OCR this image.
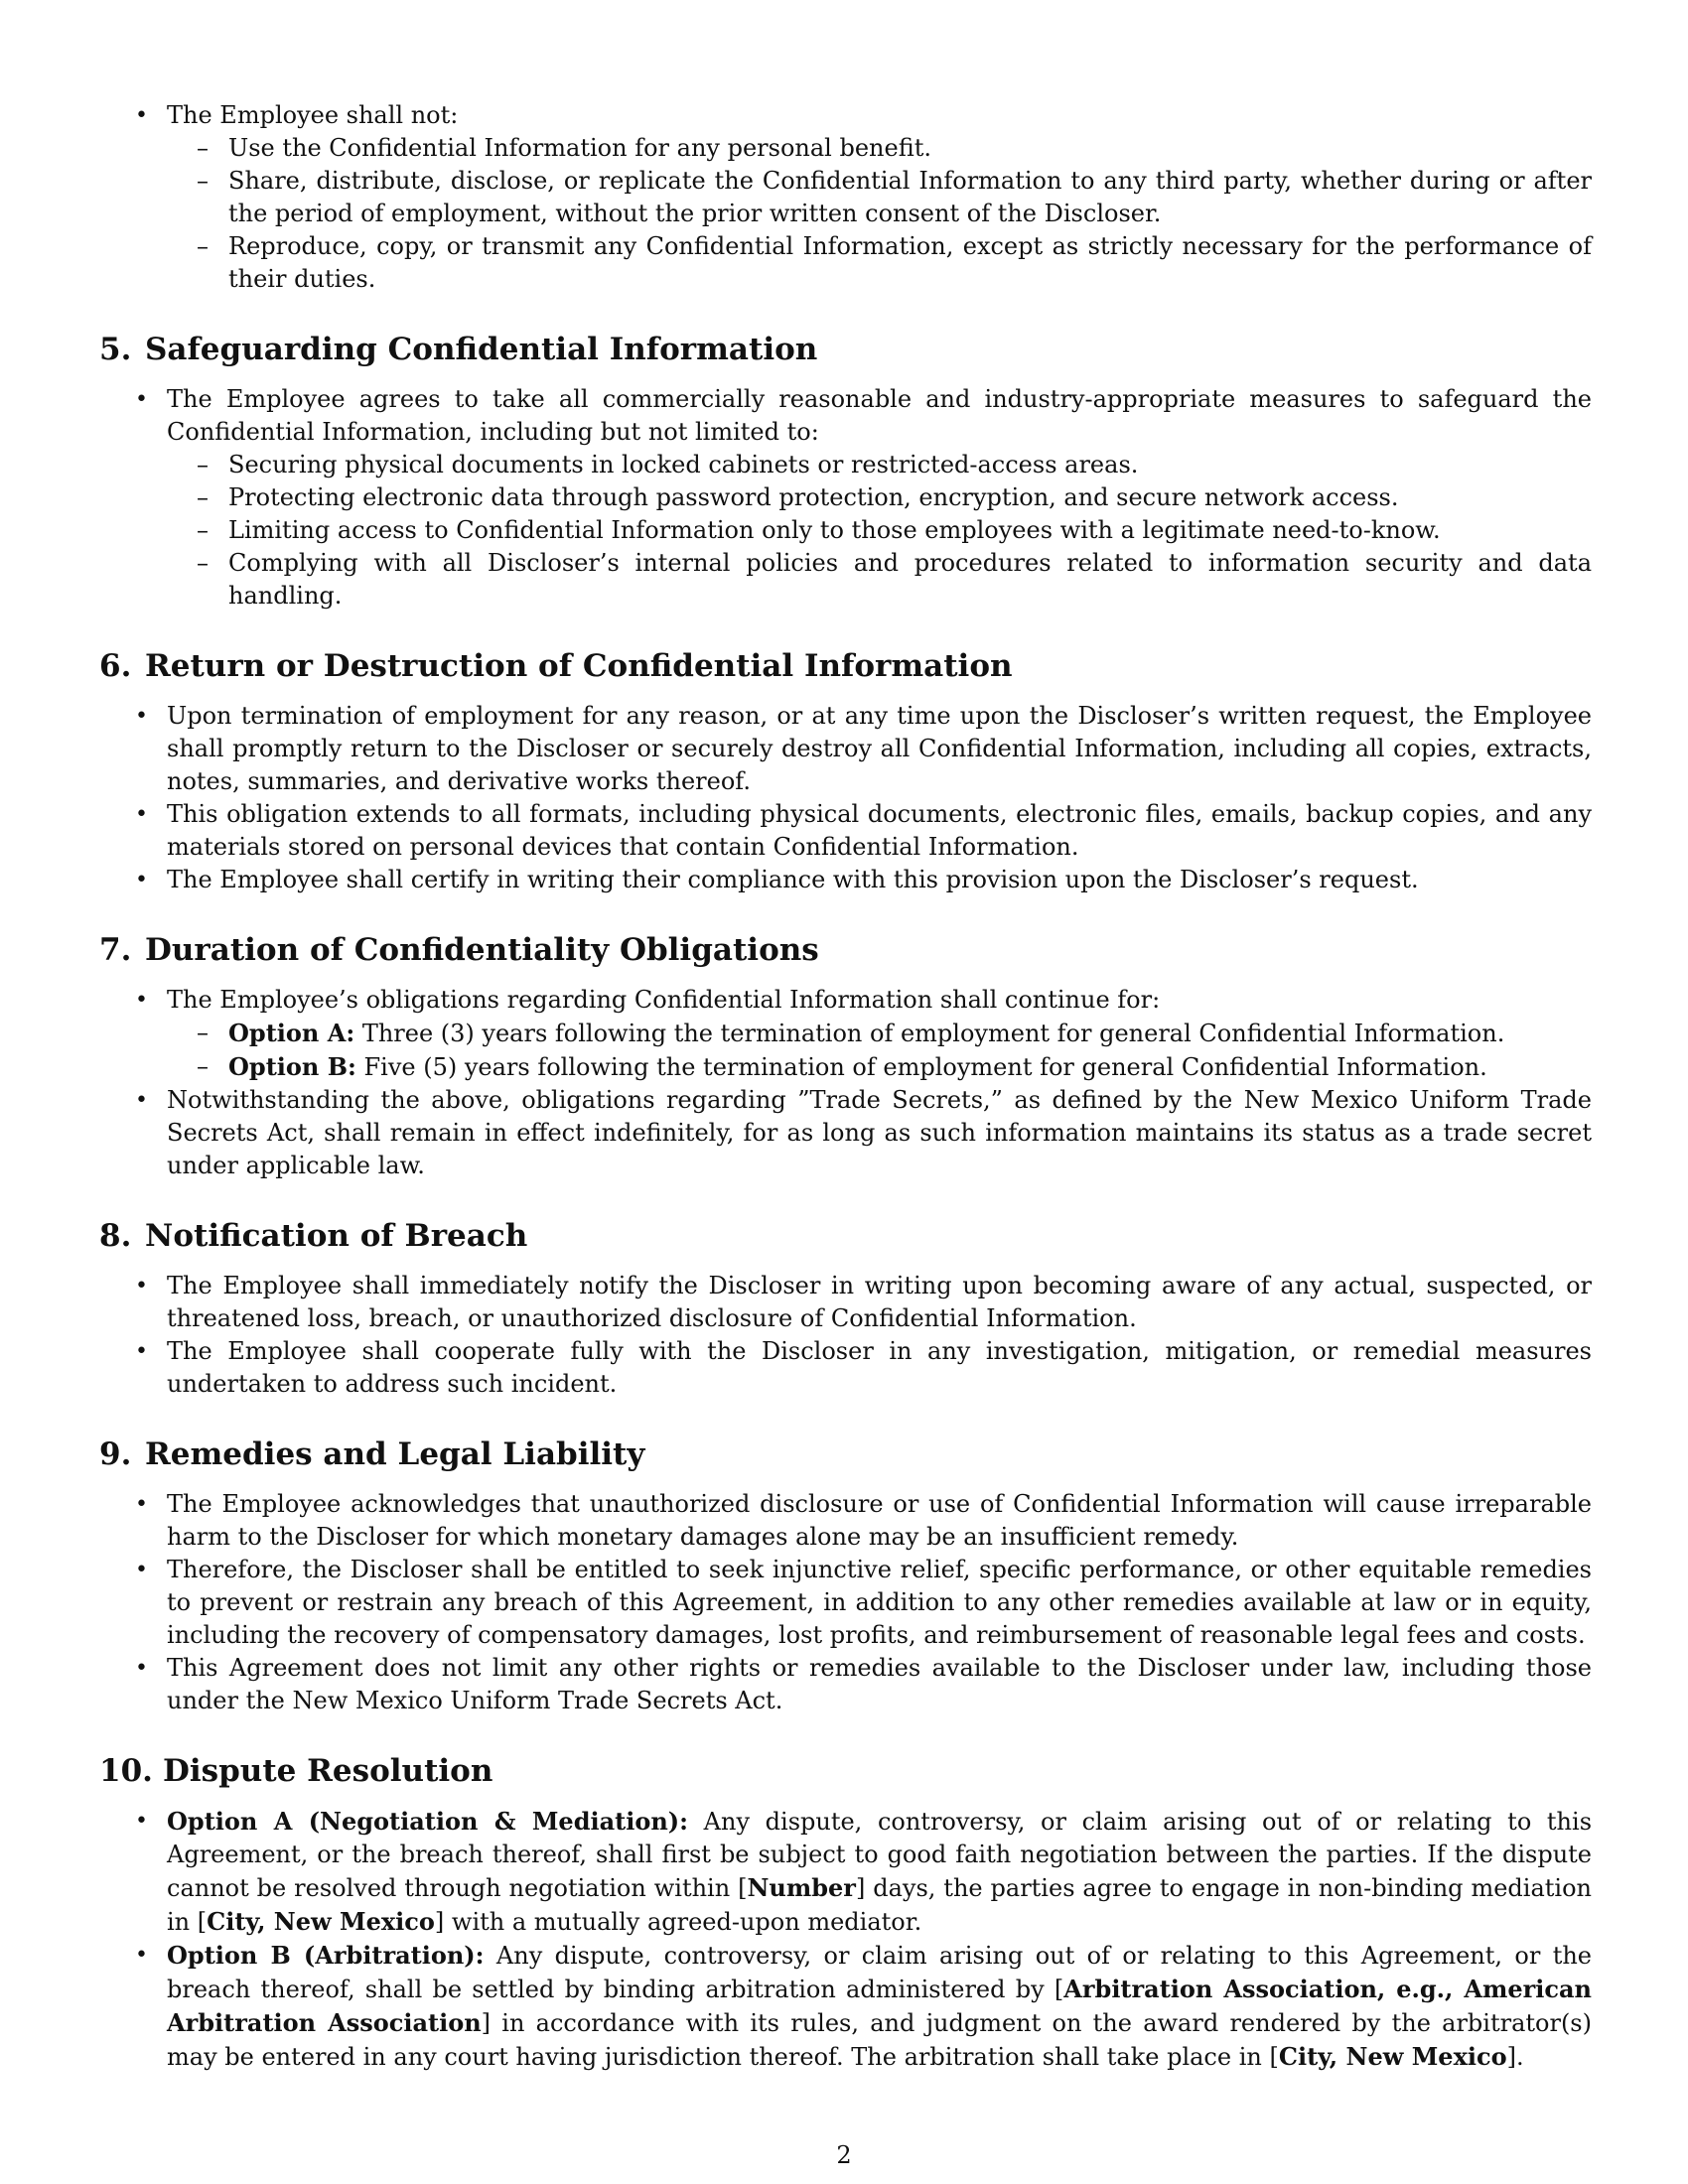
• The Employee shall not:
– Use the Confidential Information for any personal benefit.
– Share, distribute, disclose, or replicate the Confidential Information to any third party, whether during or after the period of employment, without the prior written consent of the Discloser.
– Reproduce, copy, or transmit any Confidential Information, except as strictly necessary for the performance of their duties.
5. Safeguarding Confidential Information
• The Employee agrees to take all commercially reasonable and industry-appropriate measures to safeguard the Confidential Information, including but not limited to:
– Securing physical documents in locked cabinets or restricted-access areas.
– Protecting electronic data through password protection, encryption, and secure network access.
– Limiting access to Confidential Information only to those employees with a legitimate need-to-know.
– Complying with all Discloser’s internal policies and procedures related to information security and data handling.
6. Return or Destruction of Confidential Information
• Upon termination of employment for any reason, or at any time upon the Discloser’s written request, the Employee shall promptly return to the Discloser or securely destroy all Confidential Information, including all copies, extracts, notes, summaries, and derivative works thereof.
• This obligation extends to all formats, including physical documents, electronic files, emails, backup copies, and any materials stored on personal devices that contain Confidential Information.
• The Employee shall certify in writing their compliance with this provision upon the Discloser’s request.
7. Duration of Confidentiality Obligations
• The Employee’s obligations regarding Confidential Information shall continue for:
– Option A: Three (3) years following the termination of employment for general Confidential Information.
– Option B: Five (5) years following the termination of employment for general Confidential Information.
• Notwithstanding the above, obligations regarding ”Trade Secrets,” as defined by the New Mexico Uniform Trade Secrets Act, shall remain in effect indefinitely, for as long as such information maintains its status as a trade secret under applicable law.
8. Notification of Breach
• The Employee shall immediately notify the Discloser in writing upon becoming aware of any actual, suspected, or threatened loss, breach, or unauthorized disclosure of Confidential Information.
• The Employee shall cooperate fully with the Discloser in any investigation, mitigation, or remedial measures undertaken to address such incident.
9. Remedies and Legal Liability
• The Employee acknowledges that unauthorized disclosure or use of Confidential Information will cause irreparable harm to the Discloser for which monetary damages alone may be an insufficient remedy.
• Therefore, the Discloser shall be entitled to seek injunctive relief, specific performance, or other equitable remedies to prevent or restrain any breach of this Agreement, in addition to any other remedies available at law or in equity, including the recovery of compensatory damages, lost profits, and reimbursement of reasonable legal fees and costs.
• This Agreement does not limit any other rights or remedies available to the Discloser under law, including those under the New Mexico Uniform Trade Secrets Act.
10. Dispute Resolution
• Option A (Negotiation & Mediation): Any dispute, controversy, or claim arising out of or relating to this Agreement, or the breach thereof, shall first be subject to good faith negotiation between the parties. If the dispute cannot be resolved through negotiation within [Number] days, the parties agree to engage in non-binding mediation in [City, New Mexico] with a mutually agreed-upon mediator.
• Option B (Arbitration): Any dispute, controversy, or claim arising out of or relating to this Agreement, or the breach thereof, shall be settled by binding arbitration administered by [Arbitration Association, e.g., American Arbitration Association] in accordance with its rules, and judgment on the award rendered by the arbitrator(s) may be entered in any court having jurisdiction thereof. The arbitration shall take place in [City, New Mexico].
2
